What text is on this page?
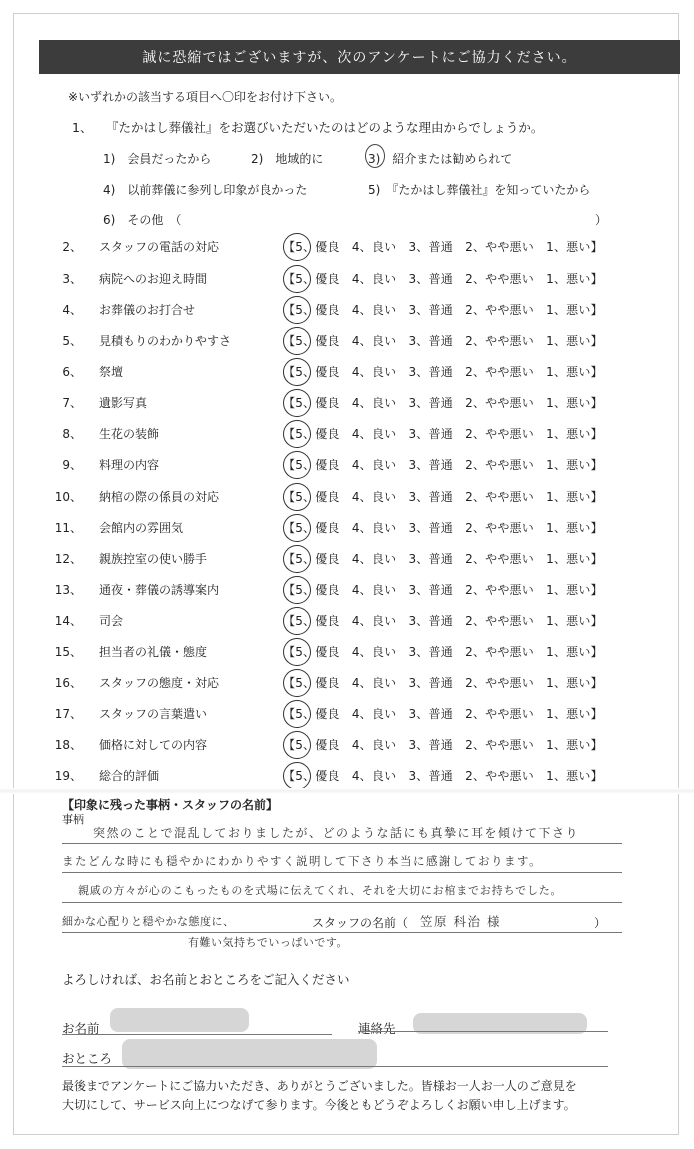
誠に恐縮ではございますが、次のアンケートにご協力ください。
※いずれかの該当する項目へ〇印をお付け下さい。
1、 『たかはし葬儀社』をお選びいただいたのはどのような理由からでしょうか。
1)　会員だったから	2)　地域的に	3)　紹介または勧められて
4)　以前葬儀に参列し印象が良かった	5)　『たかはし葬儀社』を知っていたから
6)　その他　（	）
2、 スタッフの電話の対応	【5、優良　4、良い　3、普通　2、やや悪い　1、悪い】
3、 病院へのお迎え時間	【5、優良　4、良い　3、普通　2、やや悪い　1、悪い】
4、 お葬儀のお打合せ	【5、優良　4、良い　3、普通　2、やや悪い　1、悪い】
5、 見積もりのわかりやすさ	【5、優良　4、良い　3、普通　2、やや悪い　1、悪い】
6、 祭壇	【5、優良　4、良い　3、普通　2、やや悪い　1、悪い】
7、 遺影写真	【5、優良　4、良い　3、普通　2、やや悪い　1、悪い】
8、 生花の装飾	【5、優良　4、良い　3、普通　2、やや悪い　1、悪い】
9、 料理の内容	【5、優良　4、良い　3、普通　2、やや悪い　1、悪い】
10、 納棺の際の係員の対応	【5、優良　4、良い　3、普通　2、やや悪い　1、悪い】
11、 会館内の雰囲気	【5、優良　4、良い　3、普通　2、やや悪い　1、悪い】
12、 親族控室の使い勝手	【5、優良　4、良い　3、普通　2、やや悪い　1、悪い】
13、 通夜・葬儀の誘導案内	【5、優良　4、良い　3、普通　2、やや悪い　1、悪い】
14、 司会	【5、優良　4、良い　3、普通　2、やや悪い　1、悪い】
15、 担当者の礼儀・態度	【5、優良　4、良い　3、普通　2、やや悪い　1、悪い】
16、 スタッフの態度・対応	【5、優良　4、良い　3、普通　2、やや悪い　1、悪い】
17、 スタッフの言葉遣い	【5、優良　4、良い　3、普通　2、やや悪い　1、悪い】
18、 価格に対しての内容	【5、優良　4、良い　3、普通　2、やや悪い　1、悪い】
19、 総合的評価	【5、優良　4、良い　3、普通　2、やや悪い　1、悪い】
【印象に残った事柄・スタッフの名前】
事柄
突然のことで混乱しておりましたが、どのような話にも真摯に耳を傾けて下さり
またどんな時にも穏やかにわかりやすく説明して下さり本当に感謝しております。
親戚の方々が心のこもったものを式場に伝えてくれ、それを大切にお棺までお持ちでした。
細かな心配りと穏やかな態度に、
有難い気持ちでいっぱいです。
スタッフの名前（ 笠原 科治 様	）
よろしければ、お名前とおところをご記入ください
お名前	連絡先
おところ
最後までアンケートにご協力いただき、ありがとうございました。皆様お一人お一人のご意見を
大切にして、サービス向上につなげて参ります。今後ともどうぞよろしくお願い申し上げます。
